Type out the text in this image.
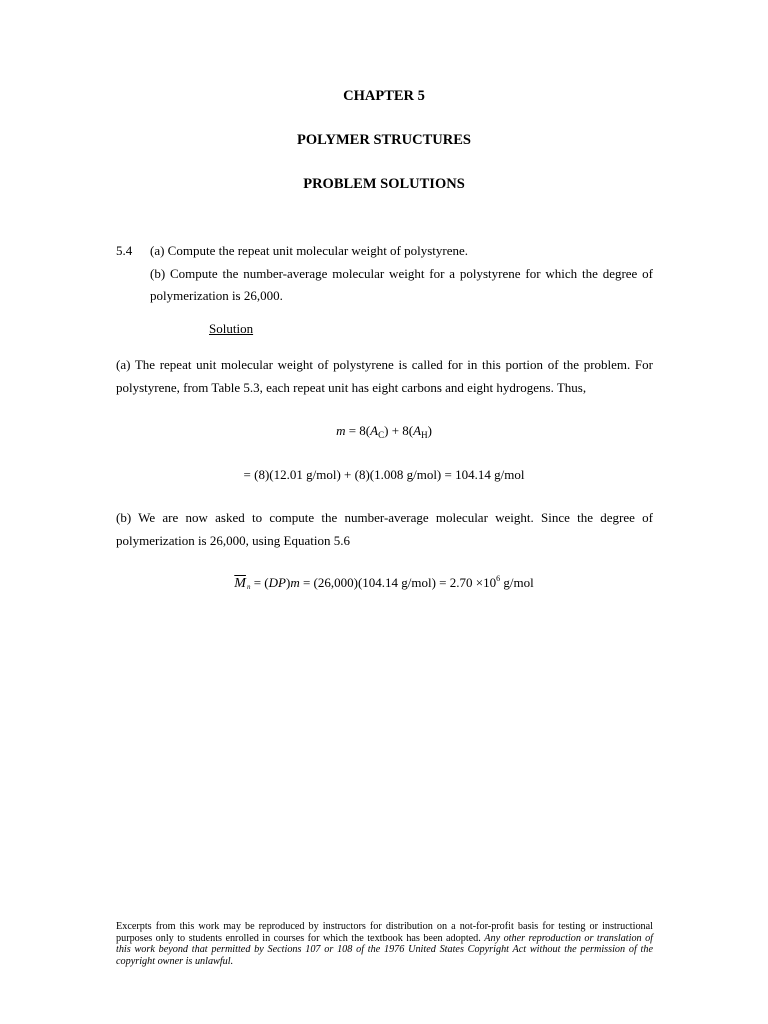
CHAPTER 5
POLYMER STRUCTURES
PROBLEM SOLUTIONS
5.4 (a) Compute the repeat unit molecular weight of polystyrene.
(b) Compute the number-average molecular weight for a polystyrene for which the degree of
polymerization is 26,000.
Solution
(a) The repeat unit molecular weight of polystyrene is called for in this portion of the problem. For
polystyrene, from Table 5.3, each repeat unit has eight carbons and eight hydrogens. Thus,
$m = 8(A_C) + 8(A_H)$
= (8)(12.01 g/mol) + (8)(1.008 g/mol) = 104.14 g/mol
(b) We are now asked to compute the number-average molecular weight. Since the degree of
polymerization is 26,000, using Equation 5.6
$\overline{M}n = (DP)m = (26,000)(104.14$ $g/mol) = 2.70 \times 10^6$ g/mol
Excerpts from this work may be reproduced by instructors for distribution on a not-for-profit basis for testing or instructional purposes only to students enrolled in courses for which the textbook has been adopted. Any other reproduction or translation of this work beyond that permitted by Sections 107 or 108 of the 1976 United States Copyright Act without the permission of the copyright owner is unlawful.
